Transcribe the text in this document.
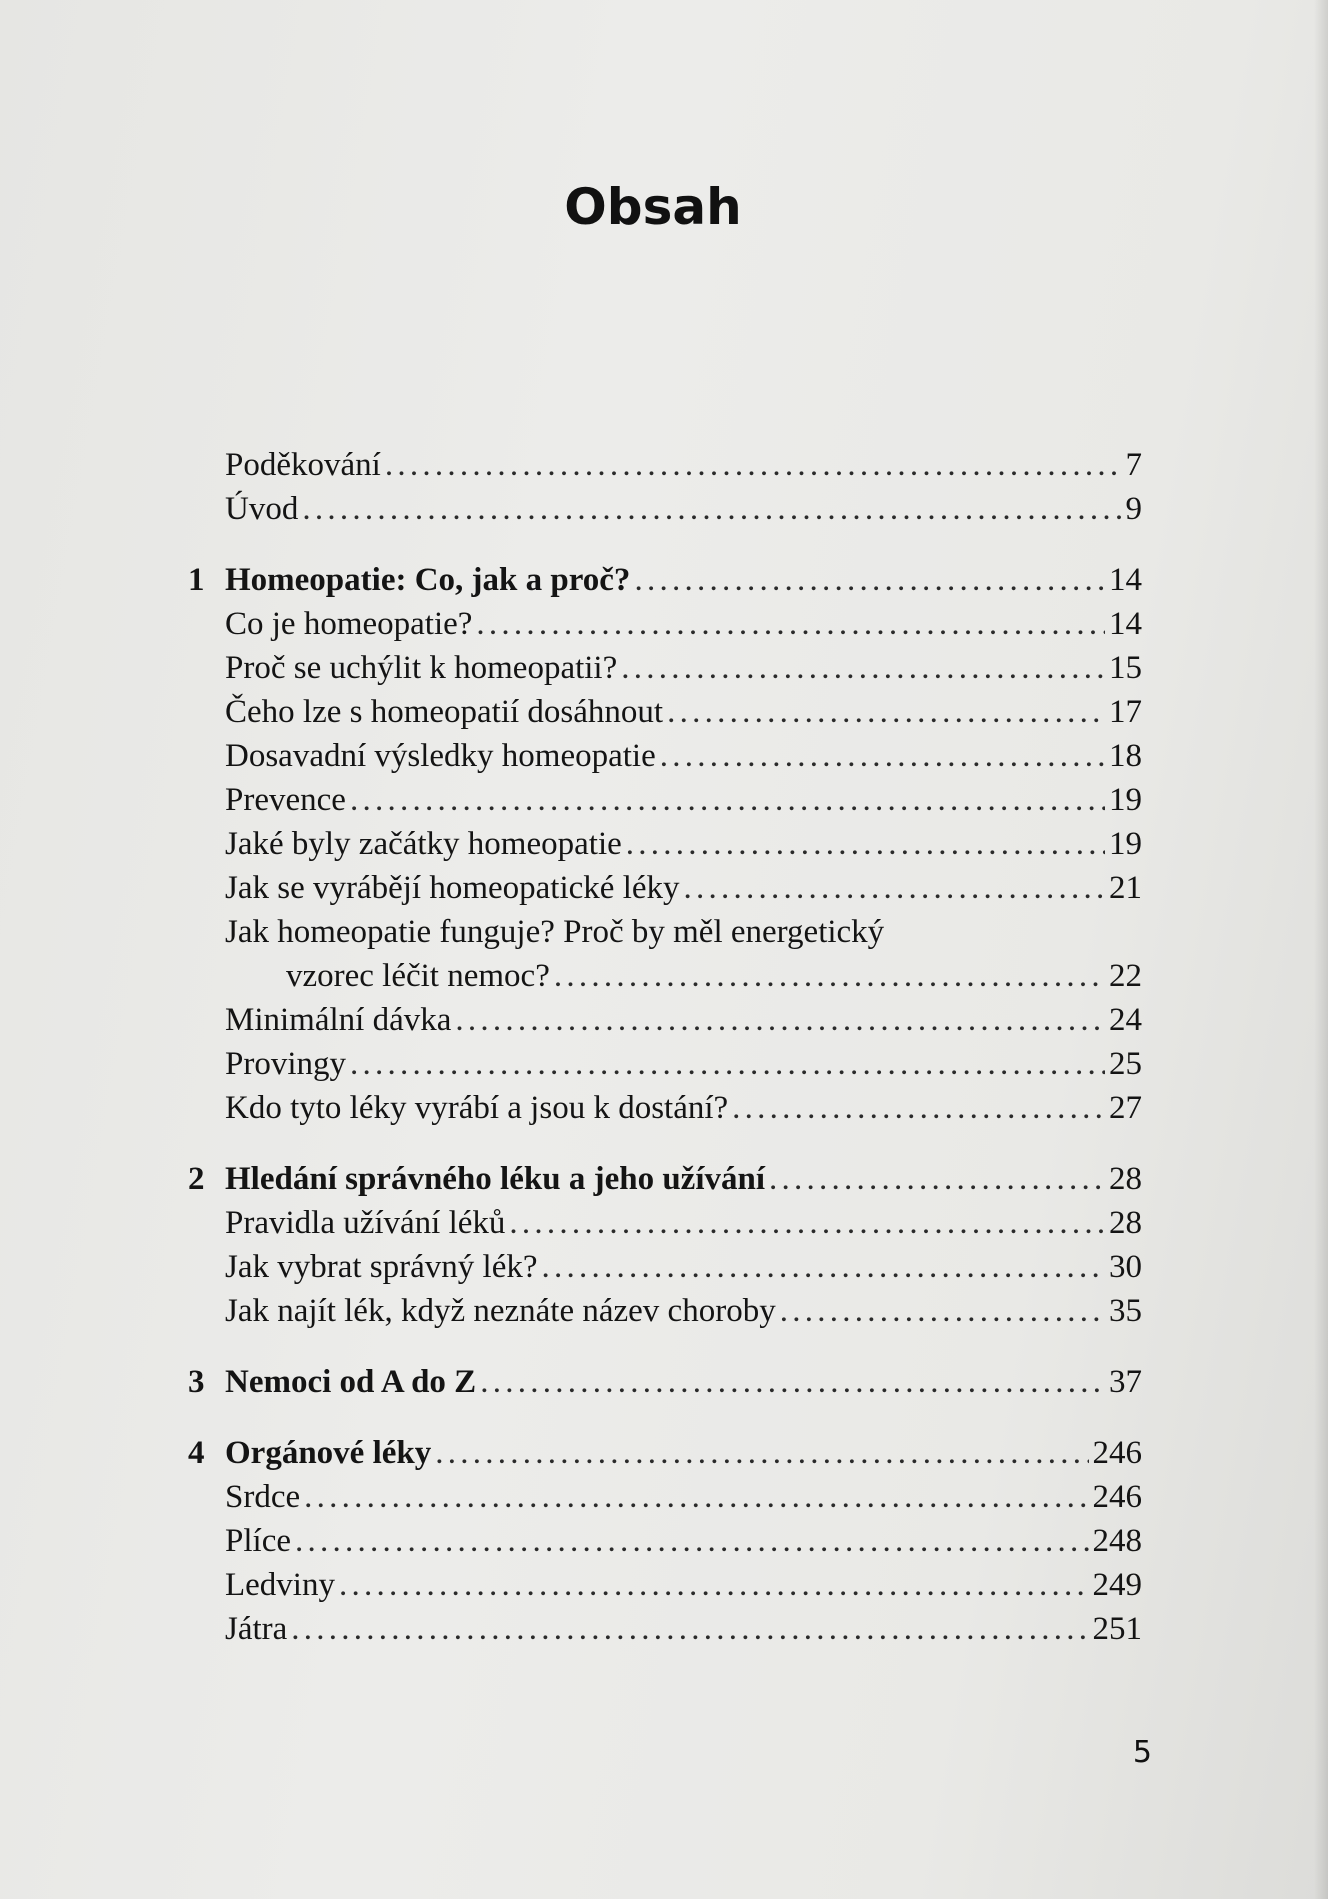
Obsah
Poděkování . . .	7
Úvod . . .	9
1 Homeopatie: Co, jak a proč? . . .	14
Co je homeopatie? . . .	14
Proč se uchýlit k homeopatii? . . .	15
Čeho lze s homeopatií dosáhnout . . .	17
Dosavadní výsledky homeopatie . . .	18
Prevence . . .	19
Jaké byly začátky homeopatie . . .	19
Jak se vyrábějí homeopatické léky . . .	21
Jak homeopatie funguje? Proč by měl energetický
vzorec léčit nemoc? . . .	22
Minimální dávka . . .	24
Provingy . . .	25
Kdo tyto léky vyrábí a jsou k dostání? . . .	27
2 Hledání správného léku a jeho užívání . . .	28
Pravidla užívání léků . . .	28
Jak vybrat správný lék? . . .	30
Jak najít lék, když neznáte název choroby . . .	35
3 Nemoci od A do Z . . .	37
4 Orgánové léky . . .	246
Srdce . . .	246
Plíce . . .	248
Ledviny . . .	249
Játra . . .	251
5
